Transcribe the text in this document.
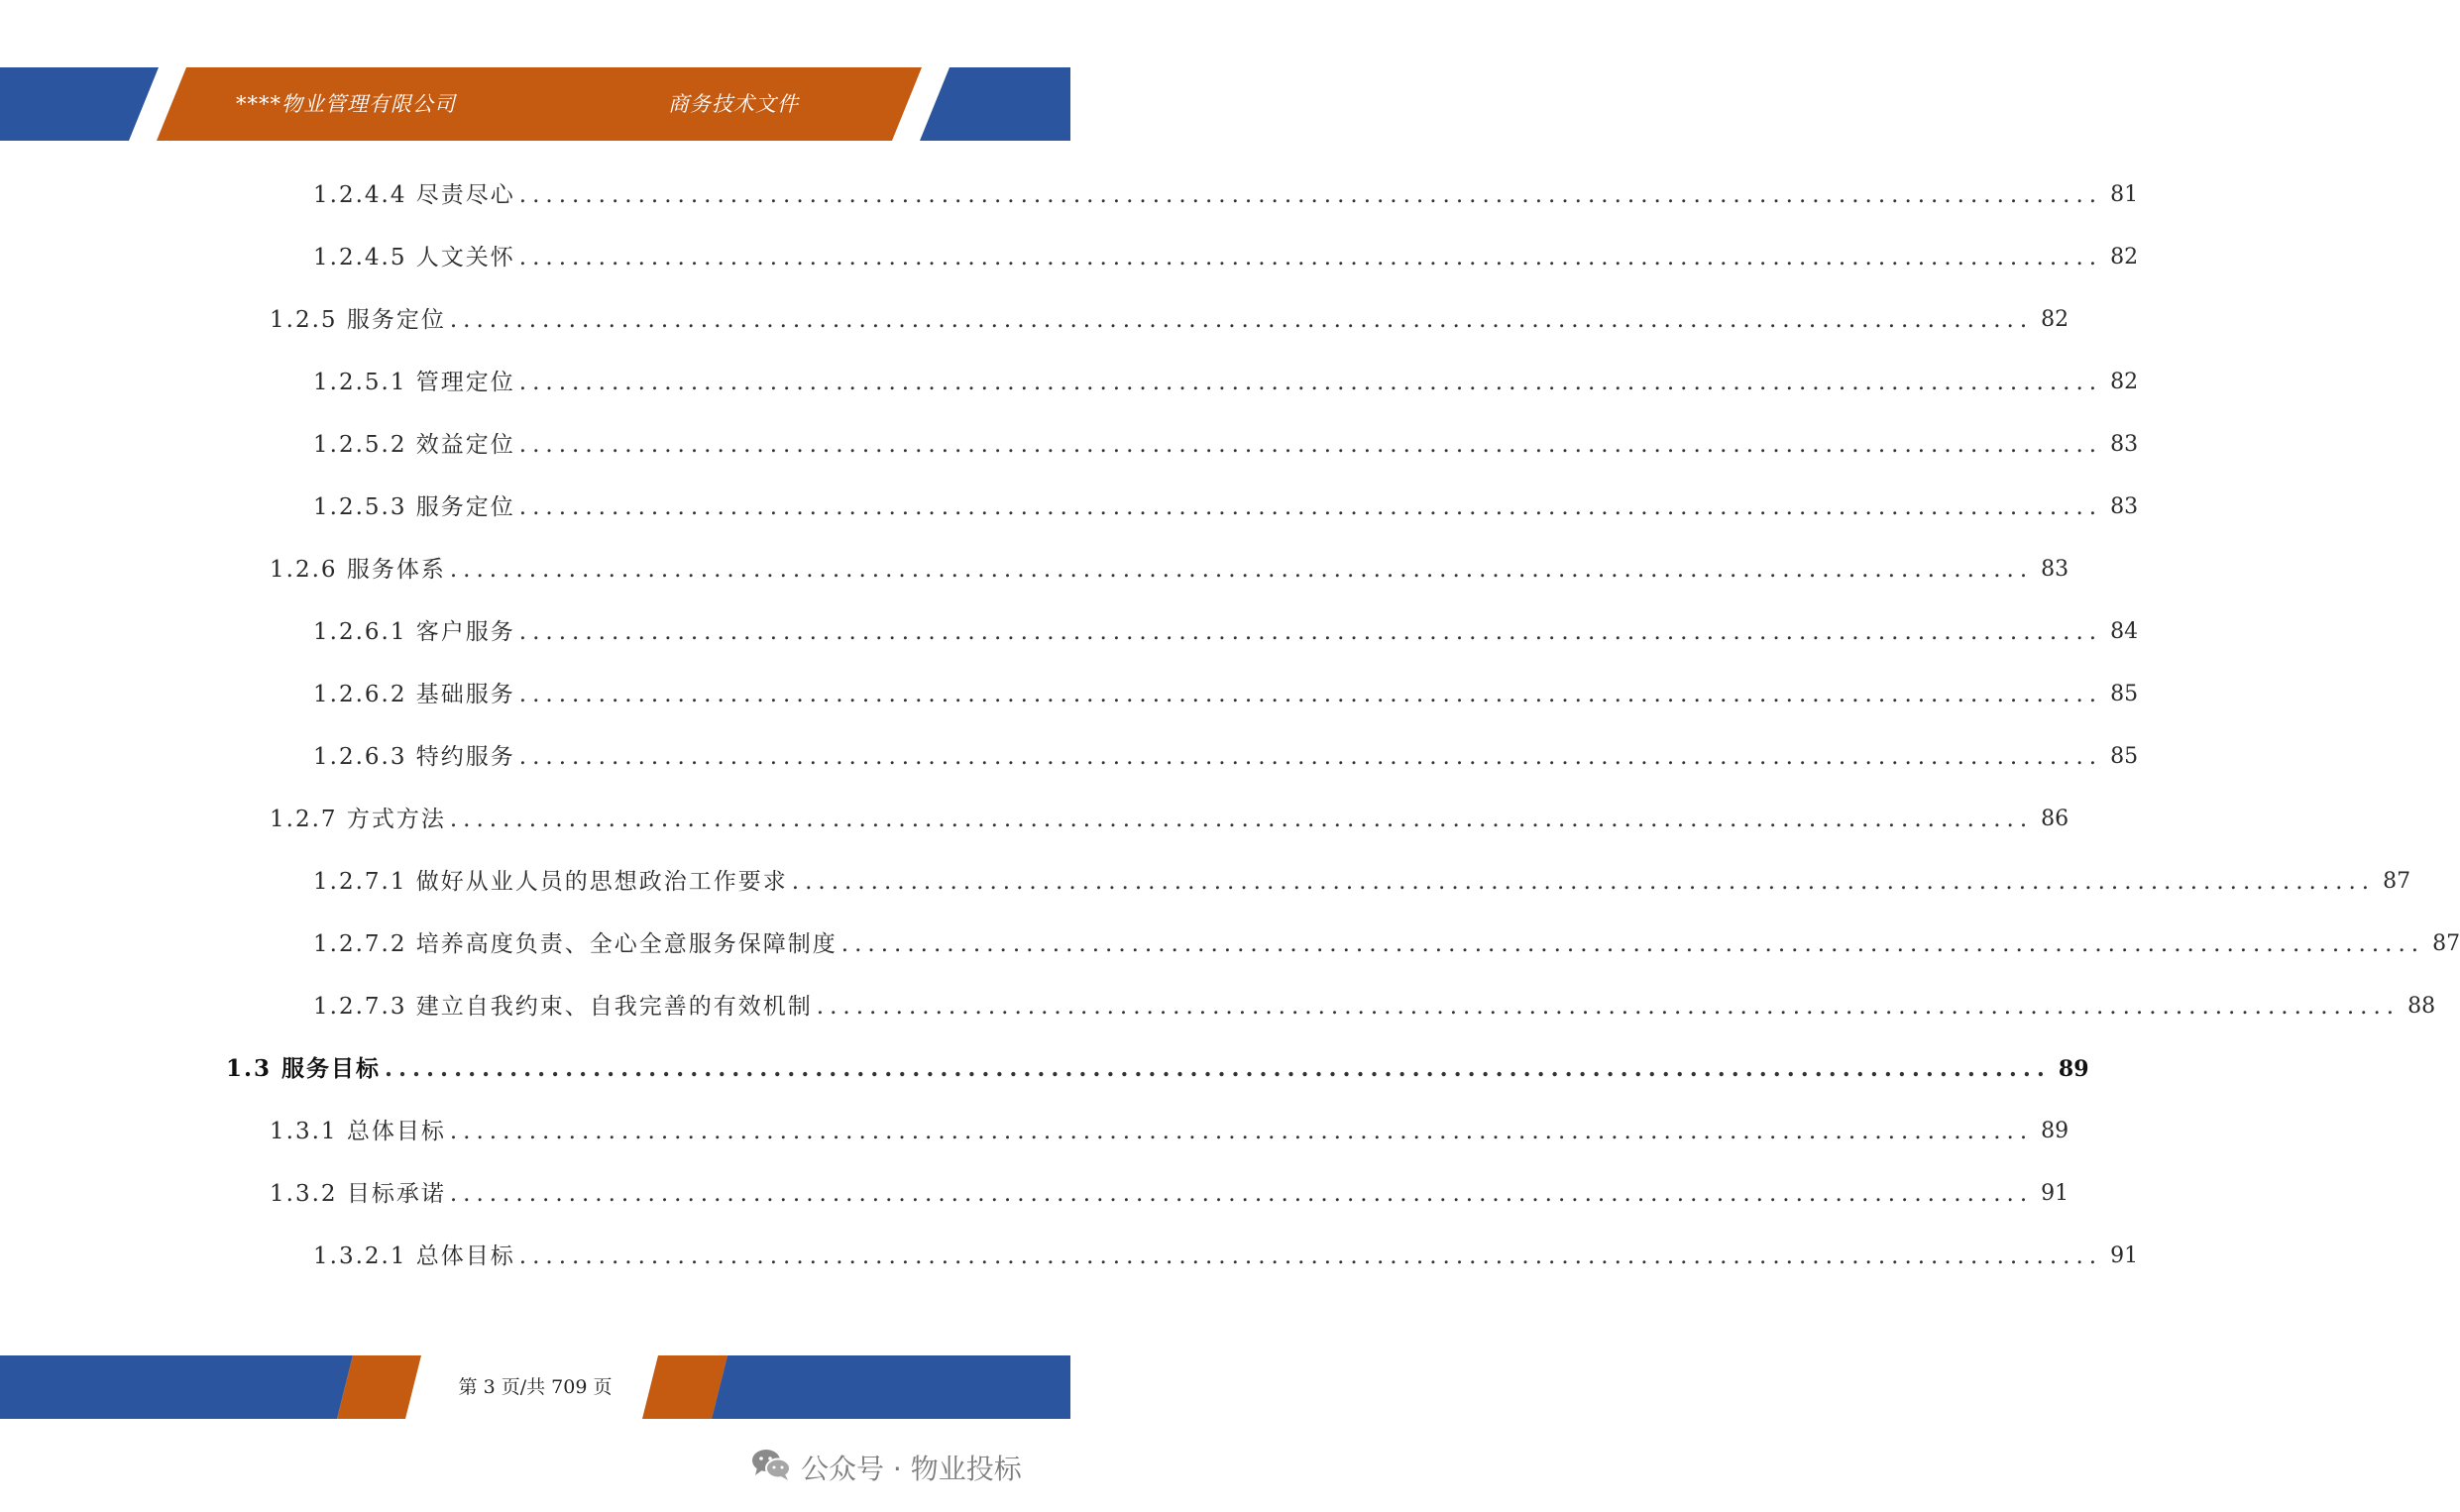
****物业管理有限公司	商务技术文件
1.2.4.4 尽责尽心 ........................................................................................................................ 81
1.2.4.5 人文关怀 ........................................................................................................................ 82
1.2.5 服务定位 ........................................................................................................................ 82
1.2.5.1 管理定位 ........................................................................................................................ 82
1.2.5.2 效益定位 ........................................................................................................................ 83
1.2.5.3 服务定位 ........................................................................................................................ 83
1.2.6 服务体系 ........................................................................................................................ 83
1.2.6.1 客户服务 ........................................................................................................................ 84
1.2.6.2 基础服务 ........................................................................................................................ 85
1.2.6.3 特约服务 ........................................................................................................................ 85
1.2.7 方式方法 ........................................................................................................................ 86
1.2.7.1 做好从业人员的思想政治工作要求 ........................................................................................................................ 87
1.2.7.2 培养高度负责、全心全意服务保障制度 ........................................................................................................................ 87
1.2.7.3 建立自我约束、自我完善的有效机制 ........................................................................................................................ 88
1.3 服务目标 ........................................................................................................................ 89
1.3.1 总体目标 ........................................................................................................................ 89
1.3.2 目标承诺 ........................................................................................................................ 91
1.3.2.1 总体目标 ........................................................................................................................ 91
第 3 页/共 709 页
公众号 · 物业投标
